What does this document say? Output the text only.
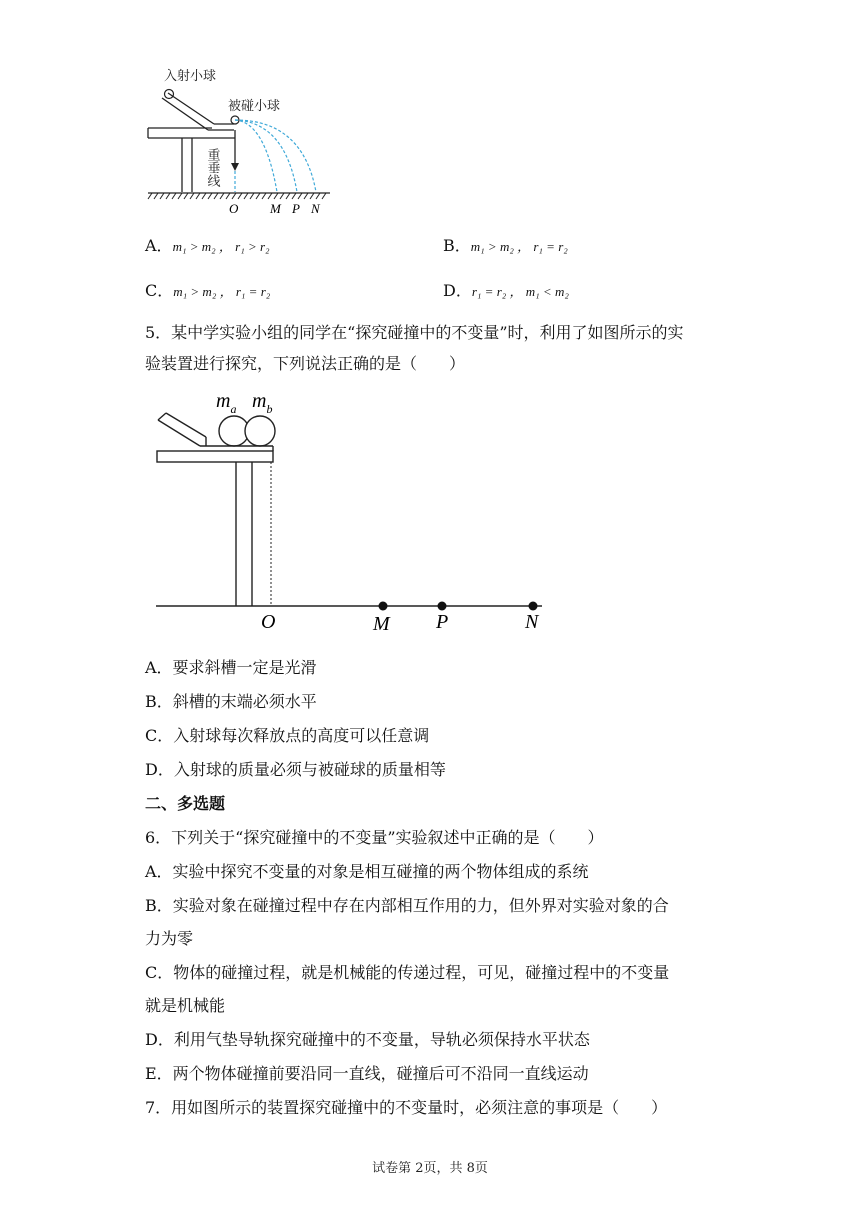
入射小球
被碰小球
重垂线
O M P N
A．m₁ > m₂ ， r₁ > r₂	B．m₁ > m₂ ， r₁ = r₂
C．m₁ > m₂ ， r₁ = r₂	D．r₁ = r₂ ， m₁ < m₂
5．某中学实验小组的同学在“探究碰撞中的不变量”时，利用了如图所示的实
验装置进行探究，下列说法正确的是（　　）
$m_a$ $m_b$
O	M P	N
A．要求斜槽一定是光滑
B．斜槽的末端必须水平
C．入射球每次释放点的高度可以任意调
D．入射球的质量必须与被碰球的质量相等
二、多选题
6．下列关于“探究碰撞中的不变量”实验叙述中正确的是（　　）
A．实验中探究不变量的对象是相互碰撞的两个物体组成的系统
B．实验对象在碰撞过程中存在内部相互作用的力，但外界对实验对象的合
力为零
C．物体的碰撞过程，就是机械能的传递过程，可见，碰撞过程中的不变量
就是机械能
D．利用气垫导轨探究碰撞中的不变量，导轨必须保持水平状态
E．两个物体碰撞前要沿同一直线，碰撞后可不沿同一直线运动
7．用如图所示的装置探究碰撞中的不变量时，必须注意的事项是（　　）
试卷第 2页，共 8页
